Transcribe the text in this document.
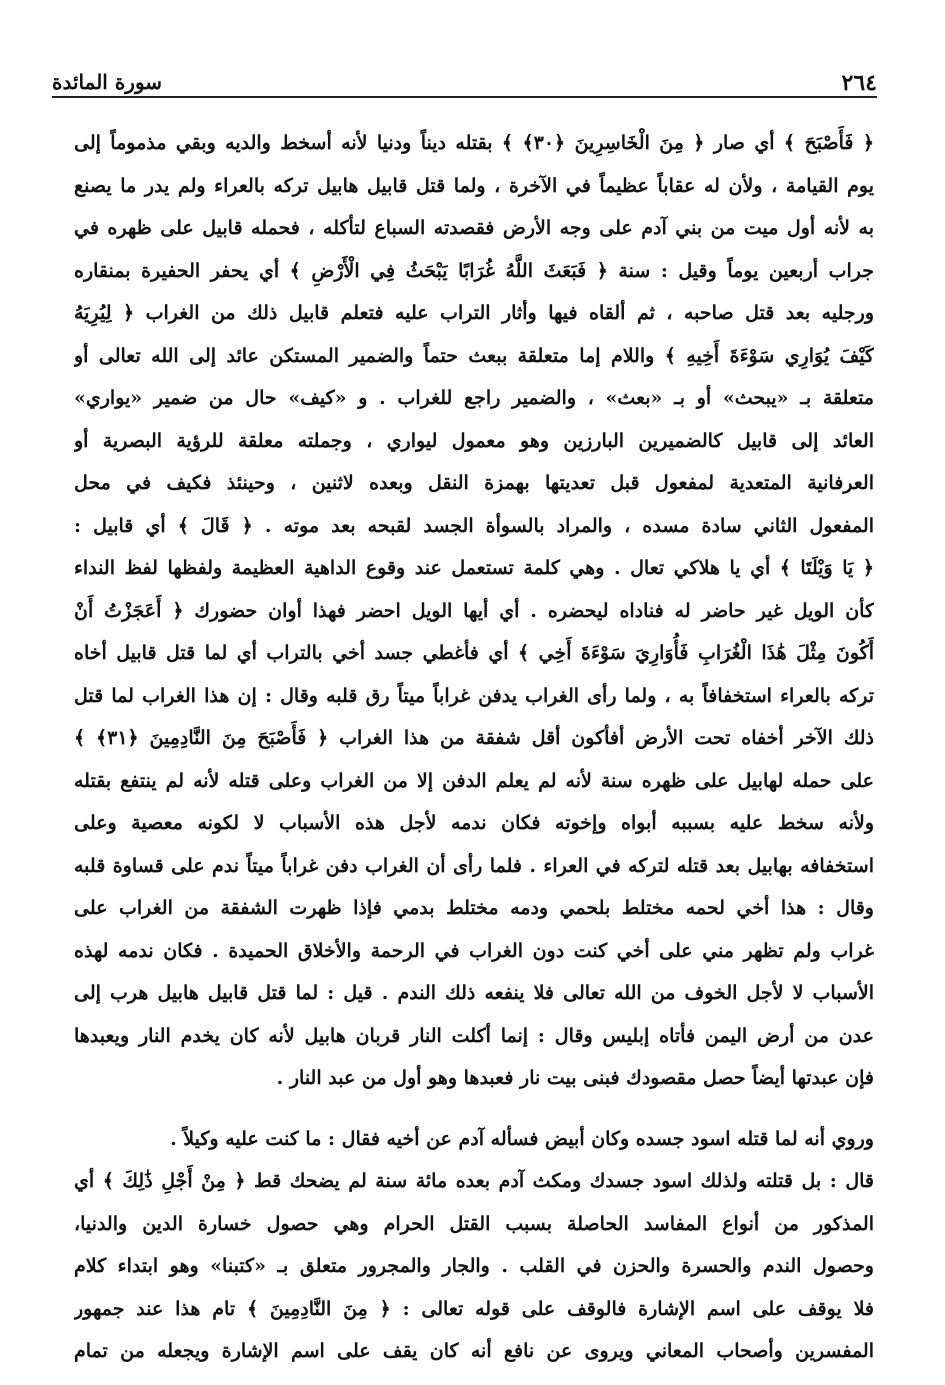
٢٦٤
سورة المائدة
﴿ فَأَصْبَحَ ﴾ أي صار ﴿ مِنَ الْخَاسِرِينَ ﴿٣٠﴾ ﴾ بقتله ديناً ودنيا لأنه أسخط والديه وبقي مذموماً إلى
يوم القيامة ، ولأن له عقاباً عظيماً في الآخرة ، ولما قتل قابيل هابيل تركه بالعراء ولم يدر ما يصنع
به لأنه أول ميت من بني آدم على وجه الأرض فقصدته السباع لتأكله ، فحمله قابيل على ظهره في
جراب أربعين يوماً وقيل : سنة ﴿ فَبَعَثَ اللَّهُ غُرَابًا يَبْحَثُ فِي الْأَرْضِ ﴾ أي يحفر الحفيرة بمنقاره
ورجليه بعد قتل صاحبه ، ثم ألقاه فيها وأثار التراب عليه فتعلم قابيل ذلك من الغراب ﴿ لِيُرِيَهُ
كَيْفَ يُوَارِي سَوْءَةَ أَخِيهِ ﴾ واللام إما متعلقة ببعث حتماً والضمير المستكن عائد إلى الله تعالى أو
متعلقة بـ «يبحث» أو بـ «بعث» ، والضمير راجع للغراب . و «كيف» حال من ضمير «يواري»
العائد إلى قابيل كالضميرين البارزين وهو معمول ليواري ، وجملته معلقة للرؤية البصرية أو
العرفانية المتعدية لمفعول قبل تعديتها بهمزة النقل وبعده لاثنين ، وحينئذ فكيف في محل
المفعول الثاني سادة مسده ، والمراد بالسوأة الجسد لقبحه بعد موته . ﴿ قَالَ ﴾ أي قابيل :
﴿ يَا وَيْلَتَا ﴾ أي يا هلاكي تعال . وهي كلمة تستعمل عند وقوع الداهية العظيمة ولفظها لفظ النداء
كأن الويل غير حاضر له فناداه ليحضره . أي أيها الويل احضر فهذا أوان حضورك ﴿ أَعَجَزْتُ أَنْ
أَكُونَ مِثْلَ هَٰذَا الْغُرَابِ فَأُوَارِيَ سَوْءَةَ أَخِي ﴾ أي فأغطي جسد أخي بالتراب أي لما قتل قابيل أخاه
تركه بالعراء استخفافاً به ، ولما رأى الغراب يدفن غراباً ميتاً رق قلبه وقال : إن هذا الغراب لما قتل
ذلك الآخر أخفاه تحت الأرض أفأكون أقل شفقة من هذا الغراب ﴿ فَأَصْبَحَ مِنَ النَّادِمِينَ ﴿٣١﴾ ﴾
على حمله لهابيل على ظهره سنة لأنه لم يعلم الدفن إلا من الغراب وعلى قتله لأنه لم ينتفع بقتله
ولأنه سخط عليه بسببه أبواه وإخوته فكان ندمه لأجل هذه الأسباب لا لكونه معصية وعلى
استخفافه بهابيل بعد قتله لتركه في العراء . فلما رأى أن الغراب دفن غراباً ميتاً ندم على قساوة قلبه
وقال : هذا أخي لحمه مختلط بلحمي ودمه مختلط بدمي فإذا ظهرت الشفقة من الغراب على
غراب ولم تظهر مني على أخي كنت دون الغراب في الرحمة والأخلاق الحميدة . فكان ندمه لهذه
الأسباب لا لأجل الخوف من الله تعالى فلا ينفعه ذلك الندم . قيل : لما قتل قابيل هابيل هرب إلى
عدن من أرض اليمن فأتاه إبليس وقال : إنما أكلت النار قربان هابيل لأنه كان يخدم النار ويعبدها
فإن عبدتها أيضاً حصل مقصودك فبنى بيت نار فعبدها وهو أول من عبد النار .
وروي أنه لما قتله اسود جسده وكان أبيض فسأله آدم عن أخيه فقال : ما كنت عليه وكيلاً .
قال : بل قتلته ولذلك اسود جسدك ومكث آدم بعده مائة سنة لم يضحك قط ﴿ مِنْ أَجْلِ ذَٰلِكَ ﴾ أي
المذكور من أنواع المفاسد الحاصلة بسبب القتل الحرام وهي حصول خسارة الدين والدنيا،
وحصول الندم والحسرة والحزن في القلب . والجار والمجرور متعلق بـ «كتبنا» وهو ابتداء كلام
فلا يوقف على اسم الإشارة فالوقف على قوله تعالى : ﴿ مِنَ النَّادِمِينَ ﴾ تام هذا عند جمهور
المفسرين وأصحاب المعاني ويروى عن نافع أنه كان يقف على اسم الإشارة ويجعله من تمام
